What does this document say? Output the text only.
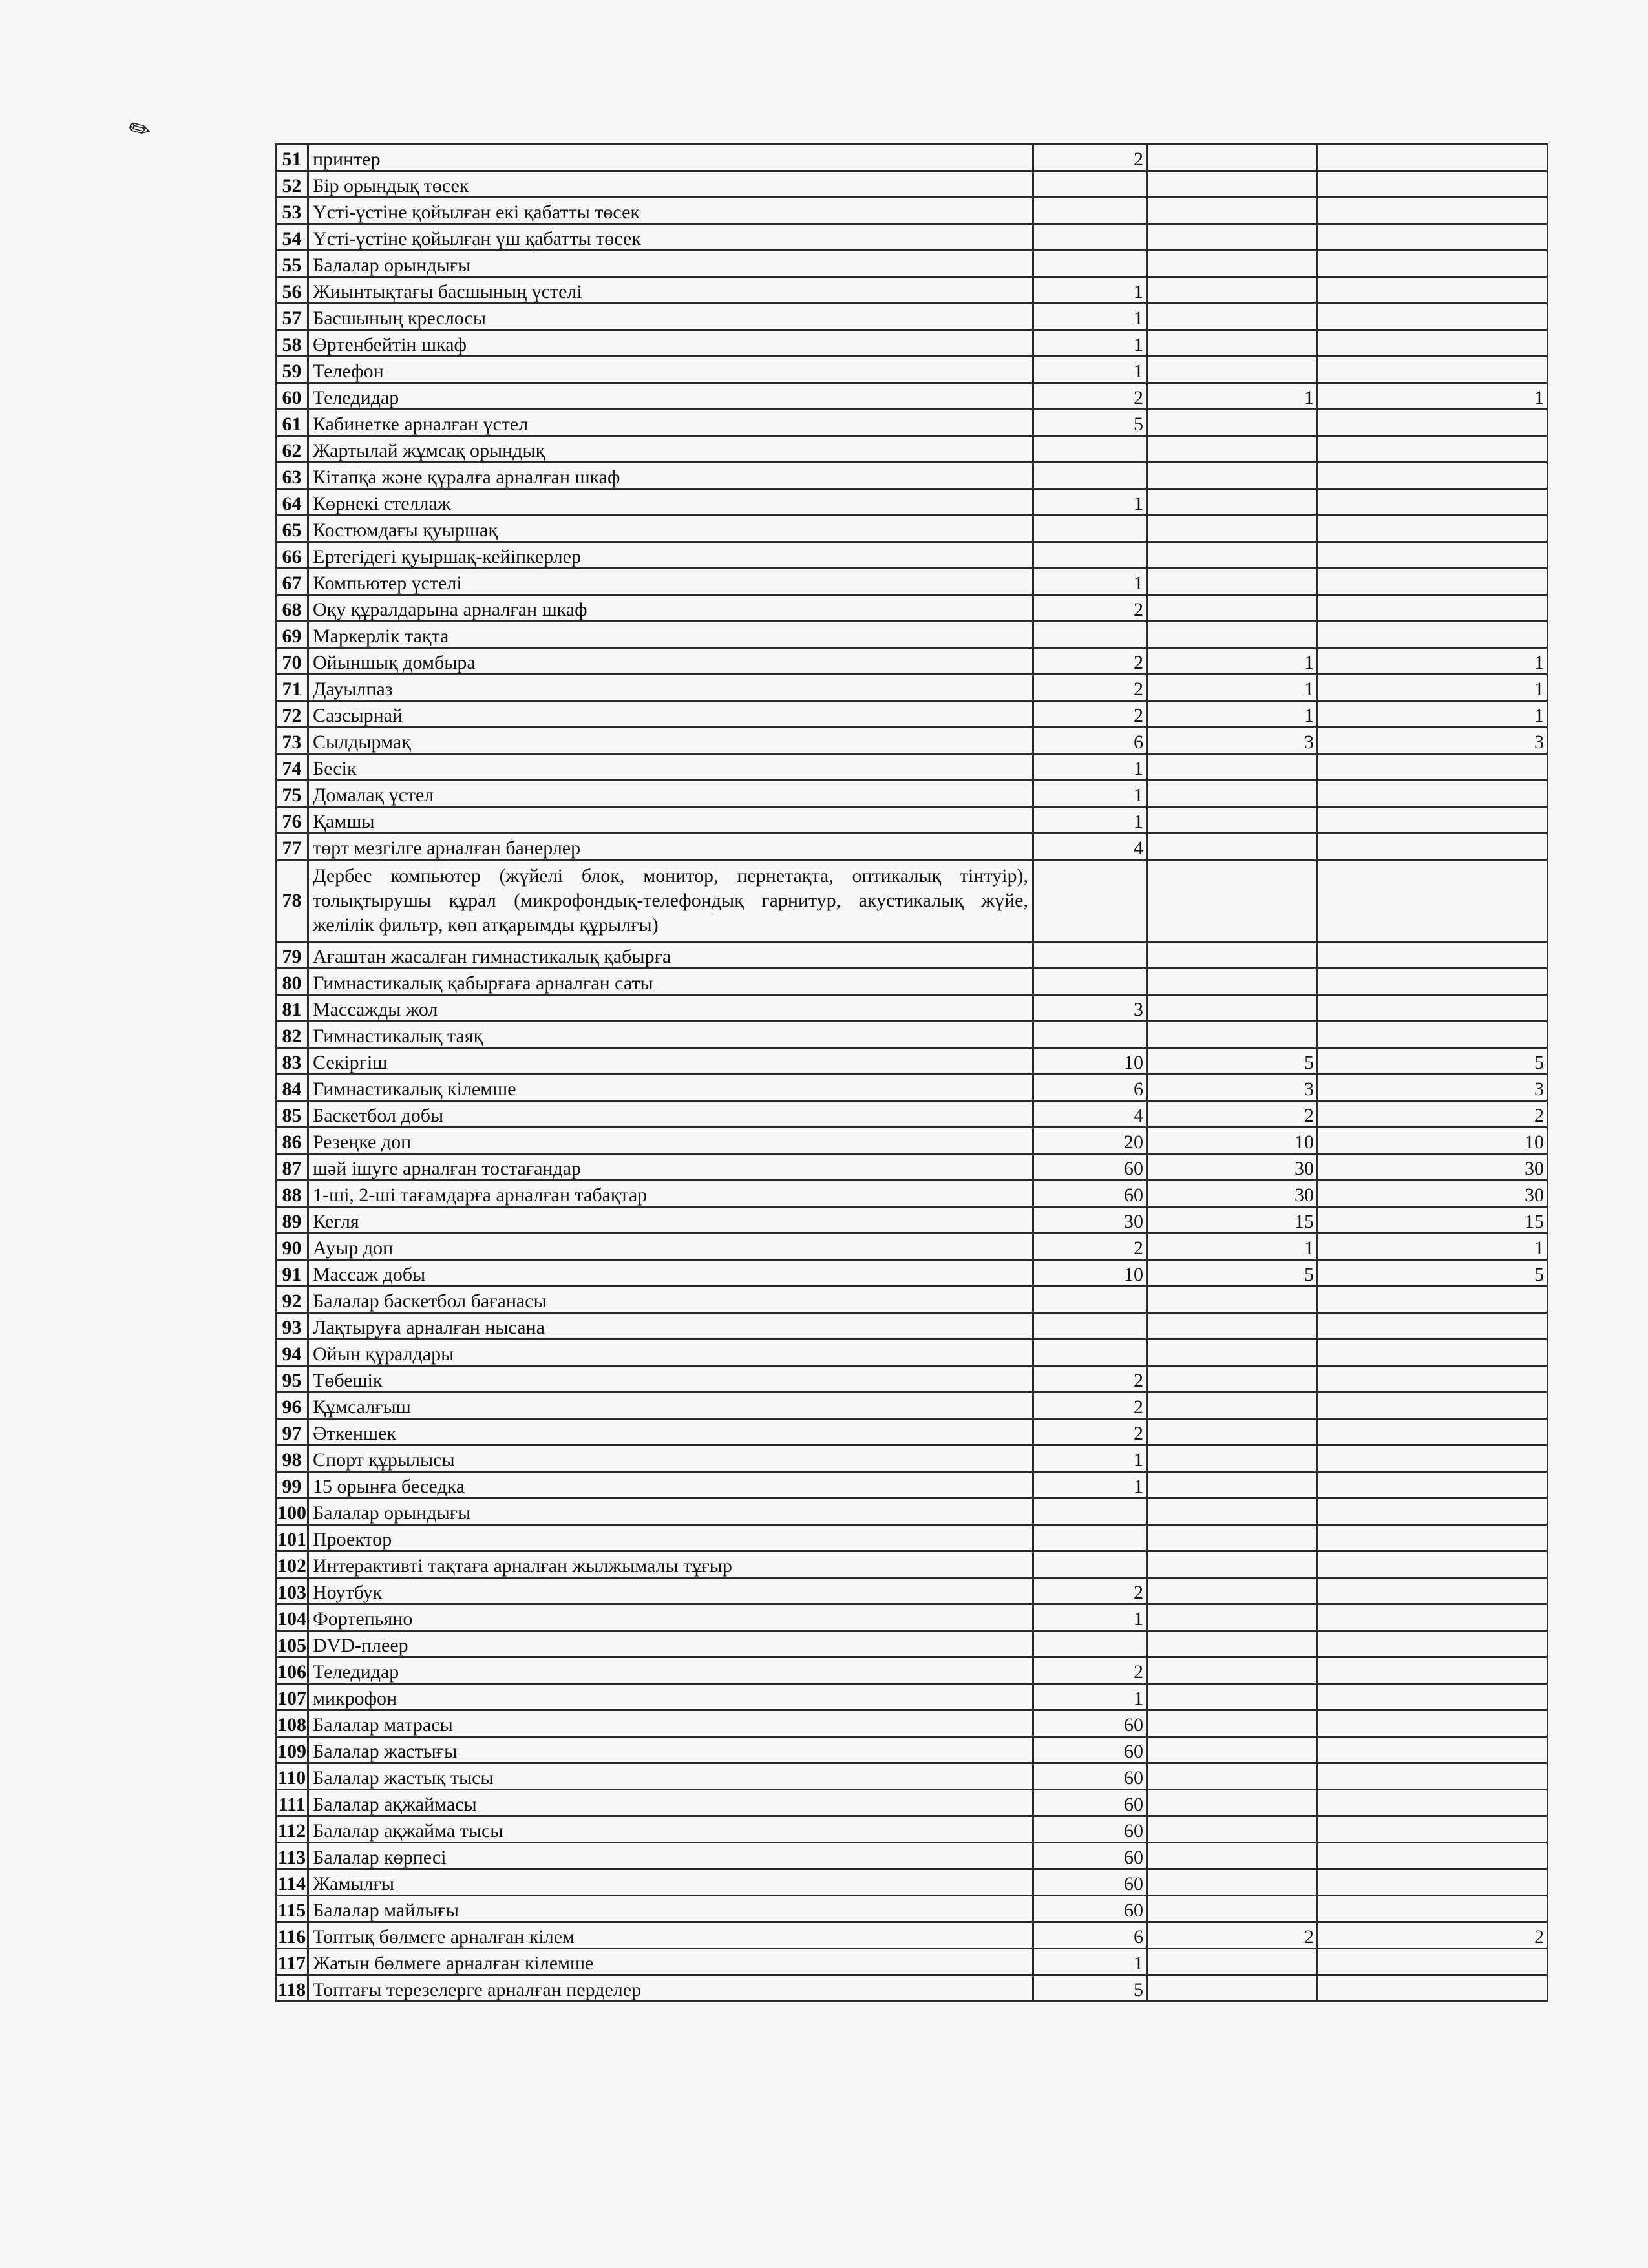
✎
51	принтер	2		
52	Бір орындық төсек			
53	Үсті-үстіне қойылған екі қабатты төсек			
54	Үсті-үстіне қойылған үш қабатты төсек			
55	Балалар орындығы			
56	Жиынтықтағы басшының үстелі	1		
57	Басшының креслосы	1		
58	Өртенбейтін шкаф	1		
59	Телефон	1		
60	Теледидар	2	1	1
61	Кабинетке арналған үстел	5		
62	Жартылай жұмсақ орындық			
63	Кітапқа және құралға арналған шкаф			
64	Көрнекі стеллаж	1		
65	Костюмдағы қуыршақ			
66	Ертегідегі қуыршақ-кейіпкерлер			
67	Компьютер үстелі	1		
68	Оқу құралдарына арналған шкаф	2		
69	Маркерлік тақта			
70	Ойыншық домбыра	2	1	1
71	Дауылпаз	2	1	1
72	Сазсырнай	2	1	1
73	Сылдырмақ	6	3	3
74	Бесік	1		
75	Домалақ үстел	1		
76	Қамшы	1		
77	төрт мезгілге арналған банерлер	4		
78	Дербес компьютер (жүйелі блок, монитор, пернетақта, оптикалық тінтуір), толықтырушы құрал (микрофондық-телефондық гарнитур, акустикалық жүйе, желілік фильтр, көп атқарымды құрылғы)			
79	Ағаштан жасалған гимнастикалық қабырға			
80	Гимнастикалық қабырғаға арналған саты			
81	Массажды жол	3		
82	Гимнастикалық таяқ			
83	Секіргіш	10	5	5
84	Гимнастикалық кілемше	6	3	3
85	Баскетбол добы	4	2	2
86	Резеңке доп	20	10	10
87	шәй ішуге арналған тостағандар	60	30	30
88	1-ші, 2-ші тағамдарға арналған табақтар	60	30	30
89	Кегля	30	15	15
90	Ауыр доп	2	1	1
91	Массаж добы	10	5	5
92	Балалар баскетбол бағанасы			
93	Лақтыруға арналған нысана			
94	Ойын құралдары			
95	Төбешік	2		
96	Құмсалғыш	2		
97	Әткеншек	2		
98	Спорт құрылысы	1		
99	15 орынға беседка	1		
100	Балалар орындығы			
101	Проектор			
102	Интерактивті тақтаға арналған жылжымалы тұғыр			
103	Ноутбук	2		
104	Фортепьяно	1		
105	DVD-плеер			
106	Теледидар	2		
107	микрофон	1		
108	Балалар матрасы	60		
109	Балалар жастығы	60		
110	Балалар жастық тысы	60		
111	Балалар ақжаймасы	60		
112	Балалар ақжайма тысы	60		
113	Балалар көрпесі	60		
114	Жамылғы	60		
115	Балалар майлығы	60		
116	Топтық бөлмеге арналған кілем	6	2	2
117	Жатын бөлмеге арналған кілемше	1		
118	Топтағы терезелерге арналған перделер	5		
